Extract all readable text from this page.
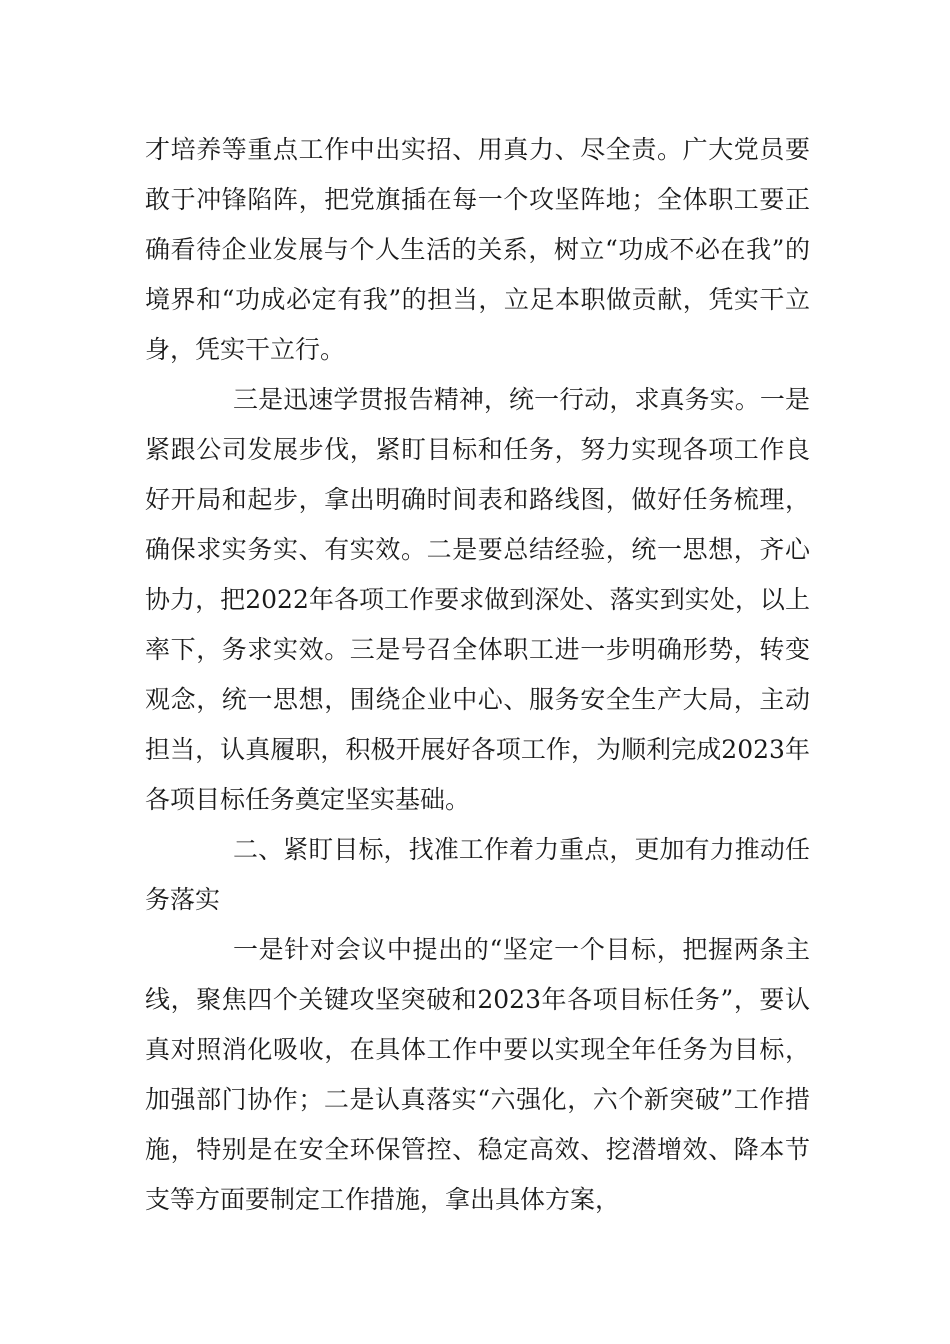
才培养等重点工作中出实招、用真力、尽全责。广大党员要敢于冲锋陷阵，把党旗插在每一个攻坚阵地；全体职工要正确看待企业发展与个人生活的关系，树立“功成不必在我”的境界和“功成必定有我”的担当，立足本职做贡献，凭实干立身，凭实干立行。

三是迅速学贯报告精神，统一行动，求真务实。一是紧跟公司发展步伐，紧盯目标和任务，努力实现各项工作良好开局和起步，拿出明确时间表和路线图，做好任务梳理，确保求实务实、有实效。二是要总结经验，统一思想，齐心协力，把2022年各项工作要求做到深处、落实到实处，以上率下，务求实效。三是号召全体职工进一步明确形势，转变观念，统一思想，围绕企业中心、服务安全生产大局，主动担当，认真履职，积极开展好各项工作，为顺利完成2023年各项目标任务奠定坚实基础。

二、紧盯目标，找准工作着力重点，更加有力推动任务落实

一是针对会议中提出的“坚定一个目标，把握两条主线，聚焦四个关键攻坚突破和2023年各项目标任务”，要认真对照消化吸收，在具体工作中要以实现全年任务为目标，加强部门协作；二是认真落实“六强化，六个新突破”工作措施，特别是在安全环保管控、稳定高效、挖潜增效、降本节支等方面要制定工作措施，拿出具体方案，
